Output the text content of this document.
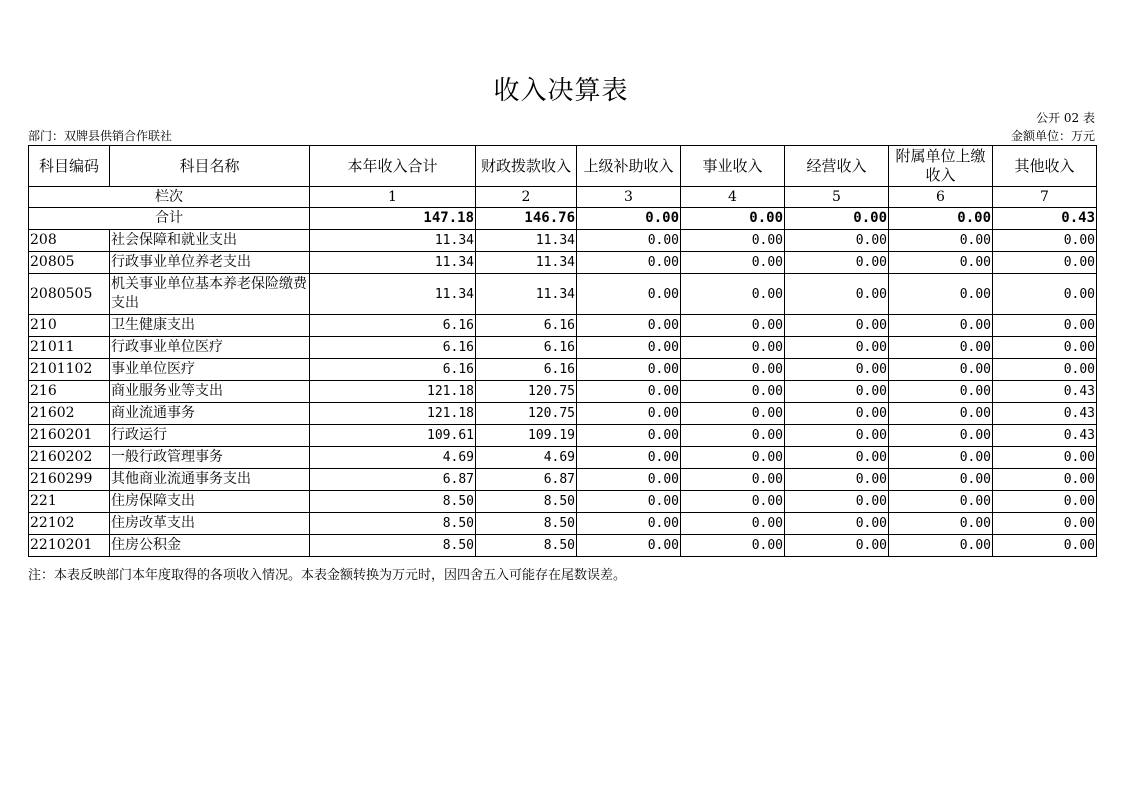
收入决算表
公开 02 表
部门：双牌县供销合作联社	金额单位：万元
科目编码	科目名称	本年收入合计	财政拨款收入	上级补助收入	事业收入	经营收入	附属单位上缴收入	其他收入
栏次		1	2	3	4	5	6	7
合计		147.18	146.76	0.00	0.00	0.00	0.00	0.43
208	社会保障和就业支出	11.34	11.34	0.00	0.00	0.00	0.00	0.00
20805	行政事业单位养老支出	11.34	11.34	0.00	0.00	0.00	0.00	0.00
2080505	机关事业单位基本养老保险缴费支出	11.34	11.34	0.00	0.00	0.00	0.00	0.00
210	卫生健康支出	6.16	6.16	0.00	0.00	0.00	0.00	0.00
21011	行政事业单位医疗	6.16	6.16	0.00	0.00	0.00	0.00	0.00
2101102	事业单位医疗	6.16	6.16	0.00	0.00	0.00	0.00	0.00
216	商业服务业等支出	121.18	120.75	0.00	0.00	0.00	0.00	0.43
21602	商业流通事务	121.18	120.75	0.00	0.00	0.00	0.00	0.43
2160201	行政运行	109.61	109.19	0.00	0.00	0.00	0.00	0.43
2160202	一般行政管理事务	4.69	4.69	0.00	0.00	0.00	0.00	0.00
2160299	其他商业流通事务支出	6.87	6.87	0.00	0.00	0.00	0.00	0.00
221	住房保障支出	8.50	8.50	0.00	0.00	0.00	0.00	0.00
22102	住房改革支出	8.50	8.50	0.00	0.00	0.00	0.00	0.00
2210201	住房公积金	8.50	8.50	0.00	0.00	0.00	0.00	0.00
注：本表反映部门本年度取得的各项收入情况。本表金额转换为万元时，因四舍五入可能存在尾数误差。
